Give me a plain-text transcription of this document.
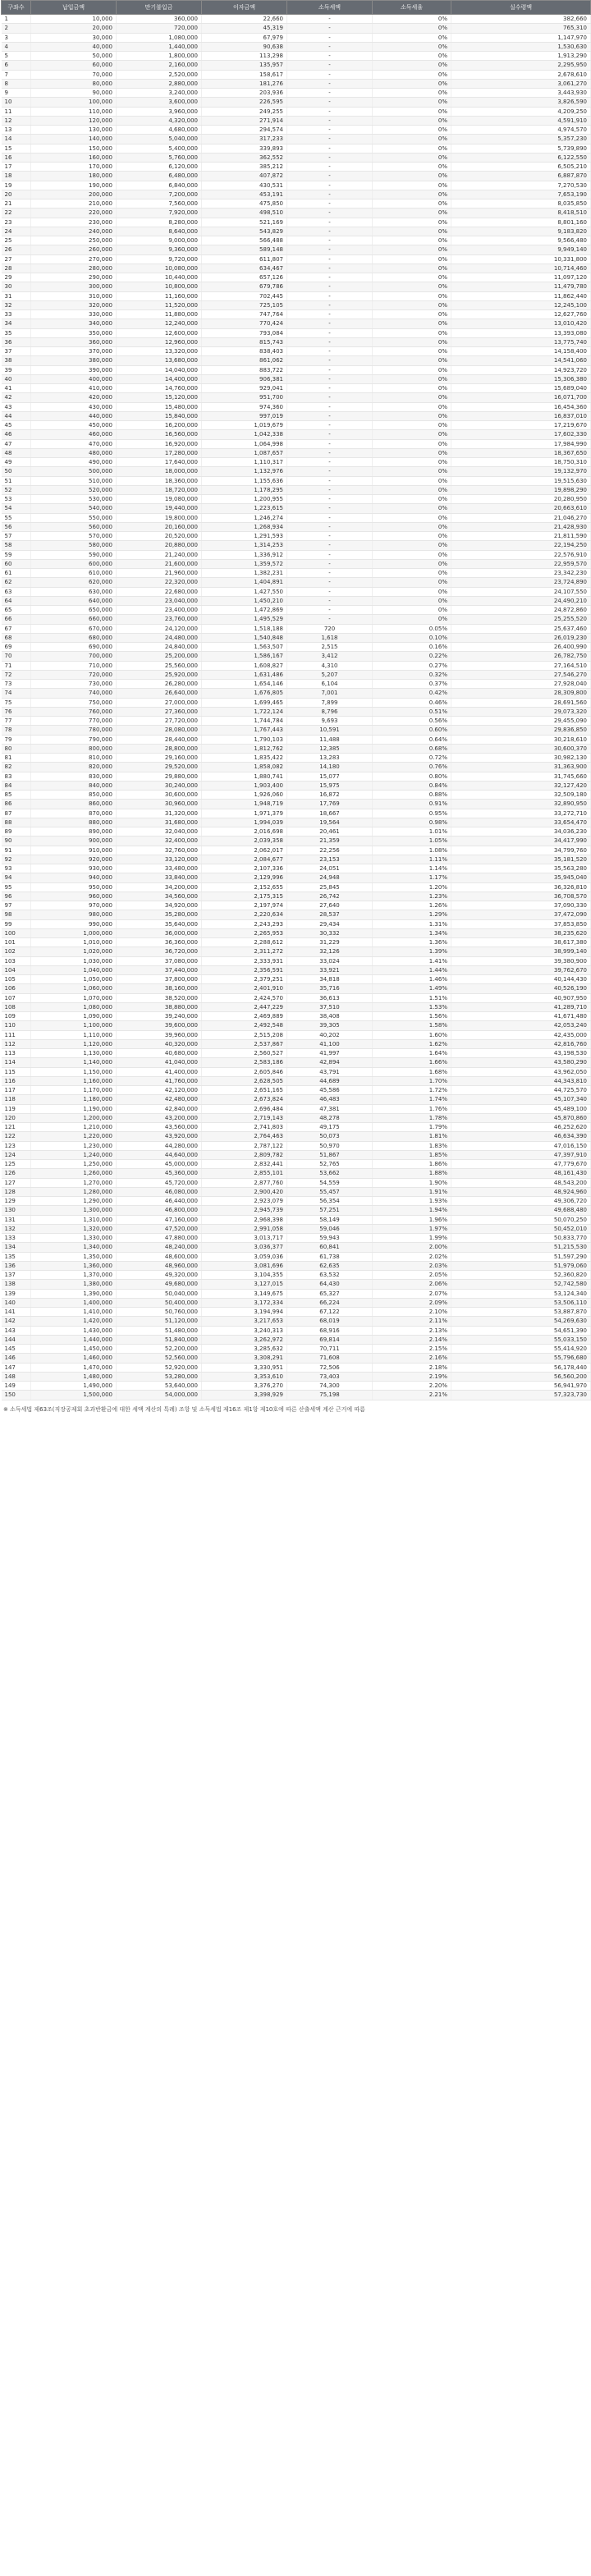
구좌수	납입금액	만기불입금	이자금액	소득세액	소득세율	실수령액
1	10,000	360,000	22,660	-	0%	382,660
2	20,000	720,000	45,319	-	0%	765,310
3	30,000	1,080,000	67,979	-	0%	1,147,970
4	40,000	1,440,000	90,638	-	0%	1,530,630
5	50,000	1,800,000	113,298	-	0%	1,913,290
6	60,000	2,160,000	135,957	-	0%	2,295,950
7	70,000	2,520,000	158,617	-	0%	2,678,610
8	80,000	2,880,000	181,276	-	0%	3,061,270
9	90,000	3,240,000	203,936	-	0%	3,443,930
10	100,000	3,600,000	226,595	-	0%	3,826,590
11	110,000	3,960,000	249,255	-	0%	4,209,250
12	120,000	4,320,000	271,914	-	0%	4,591,910
13	130,000	4,680,000	294,574	-	0%	4,974,570
14	140,000	5,040,000	317,233	-	0%	5,357,230
15	150,000	5,400,000	339,893	-	0%	5,739,890
16	160,000	5,760,000	362,552	-	0%	6,122,550
17	170,000	6,120,000	385,212	-	0%	6,505,210
18	180,000	6,480,000	407,872	-	0%	6,887,870
19	190,000	6,840,000	430,531	-	0%	7,270,530
20	200,000	7,200,000	453,191	-	0%	7,653,190
21	210,000	7,560,000	475,850	-	0%	8,035,850
22	220,000	7,920,000	498,510	-	0%	8,418,510
23	230,000	8,280,000	521,169	-	0%	8,801,160
24	240,000	8,640,000	543,829	-	0%	9,183,820
25	250,000	9,000,000	566,488	-	0%	9,566,480
26	260,000	9,360,000	589,148	-	0%	9,949,140
27	270,000	9,720,000	611,807	-	0%	10,331,800
28	280,000	10,080,000	634,467	-	0%	10,714,460
29	290,000	10,440,000	657,126	-	0%	11,097,120
30	300,000	10,800,000	679,786	-	0%	11,479,780
31	310,000	11,160,000	702,445	-	0%	11,862,440
32	320,000	11,520,000	725,105	-	0%	12,245,100
33	330,000	11,880,000	747,764	-	0%	12,627,760
34	340,000	12,240,000	770,424	-	0%	13,010,420
35	350,000	12,600,000	793,084	-	0%	13,393,080
36	360,000	12,960,000	815,743	-	0%	13,775,740
37	370,000	13,320,000	838,403	-	0%	14,158,400
38	380,000	13,680,000	861,062	-	0%	14,541,060
39	390,000	14,040,000	883,722	-	0%	14,923,720
40	400,000	14,400,000	906,381	-	0%	15,306,380
41	410,000	14,760,000	929,041	-	0%	15,689,040
42	420,000	15,120,000	951,700	-	0%	16,071,700
43	430,000	15,480,000	974,360	-	0%	16,454,360
44	440,000	15,840,000	997,019	-	0%	16,837,010
45	450,000	16,200,000	1,019,679	-	0%	17,219,670
46	460,000	16,560,000	1,042,338	-	0%	17,602,330
47	470,000	16,920,000	1,064,998	-	0%	17,984,990
48	480,000	17,280,000	1,087,657	-	0%	18,367,650
49	490,000	17,640,000	1,110,317	-	0%	18,750,310
50	500,000	18,000,000	1,132,976	-	0%	19,132,970
51	510,000	18,360,000	1,155,636	-	0%	19,515,630
52	520,000	18,720,000	1,178,295	-	0%	19,898,290
53	530,000	19,080,000	1,200,955	-	0%	20,280,950
54	540,000	19,440,000	1,223,615	-	0%	20,663,610
55	550,000	19,800,000	1,246,274	-	0%	21,046,270
56	560,000	20,160,000	1,268,934	-	0%	21,428,930
57	570,000	20,520,000	1,291,593	-	0%	21,811,590
58	580,000	20,880,000	1,314,253	-	0%	22,194,250
59	590,000	21,240,000	1,336,912	-	0%	22,576,910
60	600,000	21,600,000	1,359,572	-	0%	22,959,570
61	610,000	21,960,000	1,382,231	-	0%	23,342,230
62	620,000	22,320,000	1,404,891	-	0%	23,724,890
63	630,000	22,680,000	1,427,550	-	0%	24,107,550
64	640,000	23,040,000	1,450,210	-	0%	24,490,210
65	650,000	23,400,000	1,472,869	-	0%	24,872,860
66	660,000	23,760,000	1,495,529	-	0%	25,255,520
67	670,000	24,120,000	1,518,188	720	0.05%	25,637,460
68	680,000	24,480,000	1,540,848	1,618	0.10%	26,019,230
69	690,000	24,840,000	1,563,507	2,515	0.16%	26,400,990
70	700,000	25,200,000	1,586,167	3,412	0.22%	26,782,750
71	710,000	25,560,000	1,608,827	4,310	0.27%	27,164,510
72	720,000	25,920,000	1,631,486	5,207	0.32%	27,546,270
73	730,000	26,280,000	1,654,146	6,104	0.37%	27,928,040
74	740,000	26,640,000	1,676,805	7,001	0.42%	28,309,800
75	750,000	27,000,000	1,699,465	7,899	0.46%	28,691,560
76	760,000	27,360,000	1,722,124	8,796	0.51%	29,073,320
77	770,000	27,720,000	1,744,784	9,693	0.56%	29,455,090
78	780,000	28,080,000	1,767,443	10,591	0.60%	29,836,850
79	790,000	28,440,000	1,790,103	11,488	0.64%	30,218,610
80	800,000	28,800,000	1,812,762	12,385	0.68%	30,600,370
81	810,000	29,160,000	1,835,422	13,283	0.72%	30,982,130
82	820,000	29,520,000	1,858,082	14,180	0.76%	31,363,900
83	830,000	29,880,000	1,880,741	15,077	0.80%	31,745,660
84	840,000	30,240,000	1,903,400	15,975	0.84%	32,127,420
85	850,000	30,600,000	1,926,060	16,872	0.88%	32,509,180
86	860,000	30,960,000	1,948,719	17,769	0.91%	32,890,950
87	870,000	31,320,000	1,971,379	18,667	0.95%	33,272,710
88	880,000	31,680,000	1,994,039	19,564	0.98%	33,654,470
89	890,000	32,040,000	2,016,698	20,461	1.01%	34,036,230
90	900,000	32,400,000	2,039,358	21,359	1.05%	34,417,990
91	910,000	32,760,000	2,062,017	22,256	1.08%	34,799,760
92	920,000	33,120,000	2,084,677	23,153	1.11%	35,181,520
93	930,000	33,480,000	2,107,336	24,051	1.14%	35,563,280
94	940,000	33,840,000	2,129,996	24,948	1.17%	35,945,040
95	950,000	34,200,000	2,152,655	25,845	1.20%	36,326,810
96	960,000	34,560,000	2,175,315	26,742	1.23%	36,708,570
97	970,000	34,920,000	2,197,974	27,640	1.26%	37,090,330
98	980,000	35,280,000	2,220,634	28,537	1.29%	37,472,090
99	990,000	35,640,000	2,243,293	29,434	1.31%	37,853,850
100	1,000,000	36,000,000	2,265,953	30,332	1.34%	38,235,620
101	1,010,000	36,360,000	2,288,612	31,229	1.36%	38,617,380
102	1,020,000	36,720,000	2,311,272	32,126	1.39%	38,999,140
103	1,030,000	37,080,000	2,333,931	33,024	1.41%	39,380,900
104	1,040,000	37,440,000	2,356,591	33,921	1.44%	39,762,670
105	1,050,000	37,800,000	2,379,251	34,818	1.46%	40,144,430
106	1,060,000	38,160,000	2,401,910	35,716	1.49%	40,526,190
107	1,070,000	38,520,000	2,424,570	36,613	1.51%	40,907,950
108	1,080,000	38,880,000	2,447,229	37,510	1.53%	41,289,710
109	1,090,000	39,240,000	2,469,889	38,408	1.56%	41,671,480
110	1,100,000	39,600,000	2,492,548	39,305	1.58%	42,053,240
111	1,110,000	39,960,000	2,515,208	40,202	1.60%	42,435,000
112	1,120,000	40,320,000	2,537,867	41,100	1.62%	42,816,760
113	1,130,000	40,680,000	2,560,527	41,997	1.64%	43,198,530
114	1,140,000	41,040,000	2,583,186	42,894	1.66%	43,580,290
115	1,150,000	41,400,000	2,605,846	43,791	1.68%	43,962,050
116	1,160,000	41,760,000	2,628,505	44,689	1.70%	44,343,810
117	1,170,000	42,120,000	2,651,165	45,586	1.72%	44,725,570
118	1,180,000	42,480,000	2,673,824	46,483	1.74%	45,107,340
119	1,190,000	42,840,000	2,696,484	47,381	1.76%	45,489,100
120	1,200,000	43,200,000	2,719,143	48,278	1.78%	45,870,860
121	1,210,000	43,560,000	2,741,803	49,175	1.79%	46,252,620
122	1,220,000	43,920,000	2,764,463	50,073	1.81%	46,634,390
123	1,230,000	44,280,000	2,787,122	50,970	1.83%	47,016,150
124	1,240,000	44,640,000	2,809,782	51,867	1.85%	47,397,910
125	1,250,000	45,000,000	2,832,441	52,765	1.86%	47,779,670
126	1,260,000	45,360,000	2,855,101	53,662	1.88%	48,161,430
127	1,270,000	45,720,000	2,877,760	54,559	1.90%	48,543,200
128	1,280,000	46,080,000	2,900,420	55,457	1.91%	48,924,960
129	1,290,000	46,440,000	2,923,079	56,354	1.93%	49,306,720
130	1,300,000	46,800,000	2,945,739	57,251	1.94%	49,688,480
131	1,310,000	47,160,000	2,968,398	58,149	1.96%	50,070,250
132	1,320,000	47,520,000	2,991,058	59,046	1.97%	50,452,010
133	1,330,000	47,880,000	3,013,717	59,943	1.99%	50,833,770
134	1,340,000	48,240,000	3,036,377	60,841	2.00%	51,215,530
135	1,350,000	48,600,000	3,059,036	61,738	2.02%	51,597,290
136	1,360,000	48,960,000	3,081,696	62,635	2.03%	51,979,060
137	1,370,000	49,320,000	3,104,355	63,532	2.05%	52,360,820
138	1,380,000	49,680,000	3,127,015	64,430	2.06%	52,742,580
139	1,390,000	50,040,000	3,149,675	65,327	2.07%	53,124,340
140	1,400,000	50,400,000	3,172,334	66,224	2.09%	53,506,110
141	1,410,000	50,760,000	3,194,994	67,122	2.10%	53,887,870
142	1,420,000	51,120,000	3,217,653	68,019	2.11%	54,269,630
143	1,430,000	51,480,000	3,240,313	68,916	2.13%	54,651,390
144	1,440,000	51,840,000	3,262,972	69,814	2.14%	55,033,150
145	1,450,000	52,200,000	3,285,632	70,711	2.15%	55,414,920
146	1,460,000	52,560,000	3,308,291	71,608	2.16%	55,796,680
147	1,470,000	52,920,000	3,330,951	72,506	2.18%	56,178,440
148	1,480,000	53,280,000	3,353,610	73,403	2.19%	56,560,200
149	1,490,000	53,640,000	3,376,270	74,300	2.20%	56,941,970
150	1,500,000	54,000,000	3,398,929	75,198	2.21%	57,323,730
※ 소득세법 제63조(직장공제회 초과반환금에 대한 세액 계산의 특례) 조항 및 소득세법 제16조 제1항 제10호에 따른 산출세액 계산 근거에 따름
